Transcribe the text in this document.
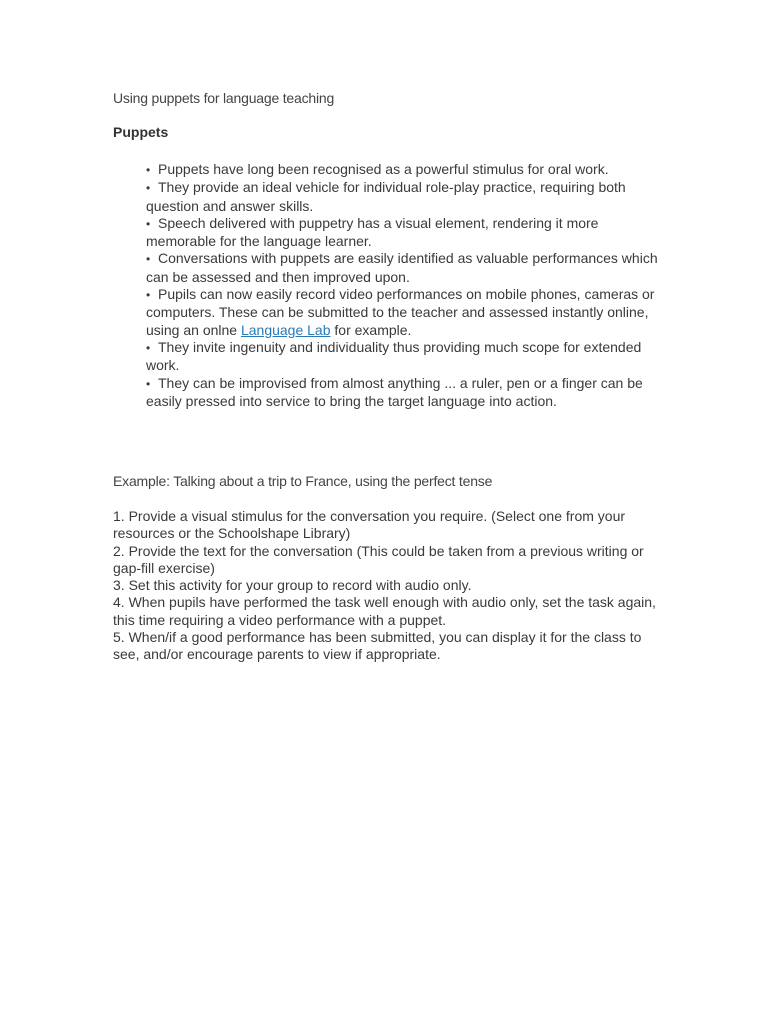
Using puppets for language teaching
Puppets
• Puppets have long been recognised as a powerful stimulus for oral work.
• They provide an ideal vehicle for individual role-play practice, requiring both question and answer skills.
• Speech delivered with puppetry has a visual element, rendering it more memorable for the language learner.
• Conversations with puppets are easily identified as valuable performances which can be assessed and then improved upon.
• Pupils can now easily record video performances on mobile phones, cameras or computers. These can be submitted to the teacher and assessed instantly online, using an onlne Language Lab for example.
• They invite ingenuity and individuality thus providing much scope for extended work.
• They can be improvised from almost anything ... a ruler, pen or a finger can be easily pressed into service to bring the target language into action.
Example: Talking about a trip to France, using the perfect tense
1. Provide a visual stimulus for the conversation you require. (Select one from your resources or the Schoolshape Library)
2. Provide the text for the conversation (This could be taken from a previous writing or gap-fill exercise)
3. Set this activity for your group to record with audio only.
4. When pupils have performed the task well enough with audio only, set the task again, this time requiring a video performance with a puppet.
5. When/if a good performance has been submitted, you can display it for the class to see, and/or encourage parents to view if appropriate.
